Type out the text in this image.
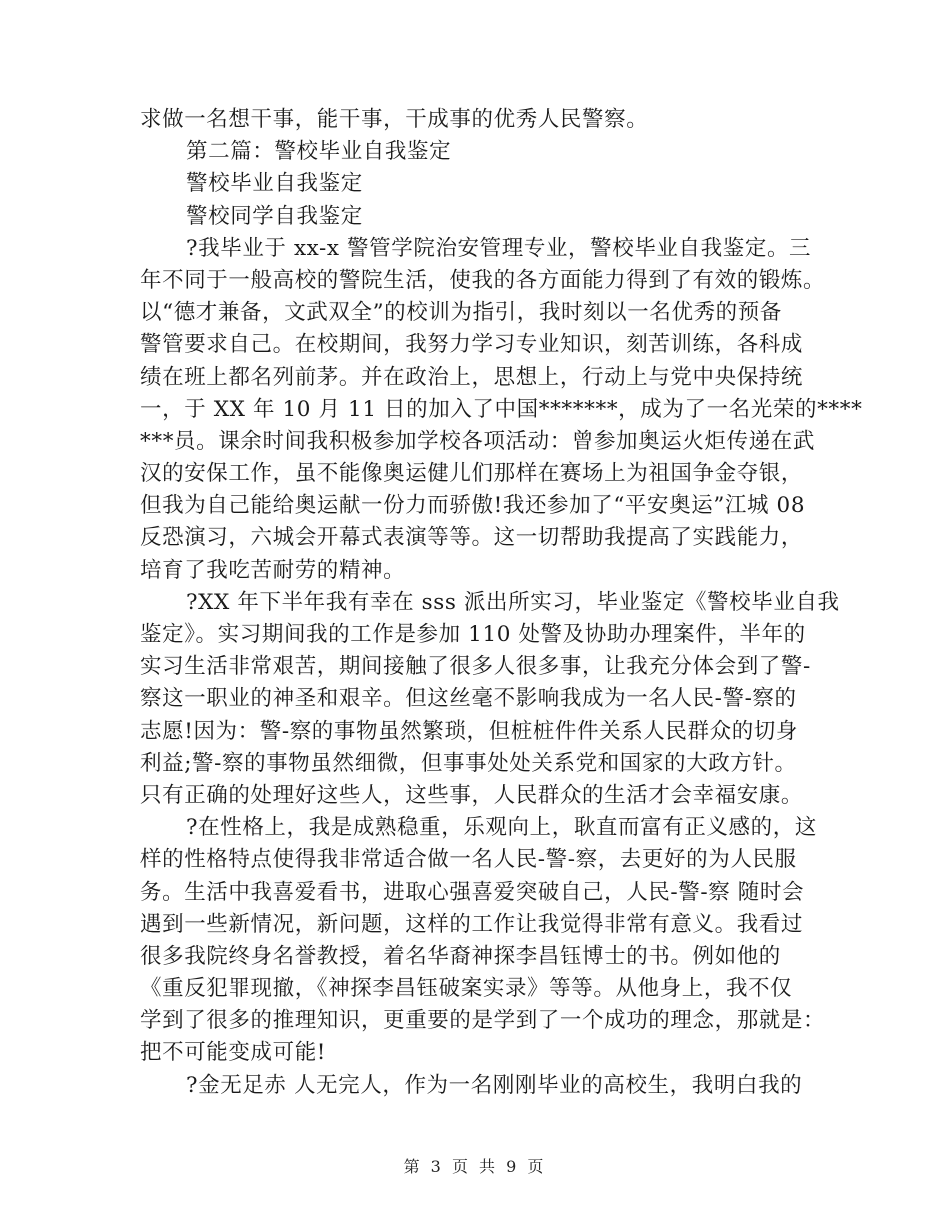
求做一名想干事，能干事，干成事的优秀人民警察。
第二篇：警校毕业自我鉴定
警校毕业自我鉴定
警校同学自我鉴定
?我毕业于 xx-x 警管学院治安管理专业，警校毕业自我鉴定。三
年不同于一般高校的警院生活，使我的各方面能力得到了有效的锻炼。
以“德才兼备，文武双全”的校训为指引，我时刻以一名优秀的预备
警管要求自己。在校期间，我努力学习专业知识，刻苦训练，各科成
绩在班上都名列前茅。并在政治上，思想上，行动上与党中央保持统
一，于 XX 年 10 月 11 日的加入了中国*******，成为了一名光荣的****
***员。课余时间我积极参加学校各项活动：曾参加奥运火炬传递在武
汉的安保工作，虽不能像奥运健儿们那样在赛场上为祖国争金夺银，
但我为自己能给奥运献一份力而骄傲!我还参加了“平安奥运”江城 08
反恐演习，六城会开幕式表演等等。这一切帮助我提高了实践能力，
培育了我吃苦耐劳的精神。
?XX 年下半年我有幸在 sss 派出所实习，毕业鉴定《警校毕业自我
鉴定》。实习期间我的工作是参加 110 处警及协助办理案件，半年的
实习生活非常艰苦，期间接触了很多人很多事，让我充分体会到了警-
察这一职业的神圣和艰辛。但这丝毫不影响我成为一名人民-警-察的
志愿!因为：警-察的事物虽然繁琐，但桩桩件件关系人民群众的切身
利益;警-察的事物虽然细微，但事事处处关系党和国家的大政方针。
只有正确的处理好这些人，这些事，人民群众的生活才会幸福安康。
?在性格上，我是成熟稳重，乐观向上，耿直而富有正义感的，这
样的性格特点使得我非常适合做一名人民-警-察，去更好的为人民服
务。生活中我喜爱看书，进取心强喜爱突破自己，人民-警-察 随时会
遇到一些新情况，新问题，这样的工作让我觉得非常有意义。我看过
很多我院终身名誉教授，着名华裔神探李昌钰博士的书。例如他的
《重反犯罪现撤，《神探李昌钰破案实录》等等。从他身上，我不仅
学到了很多的推理知识，更重要的是学到了一个成功的理念，那就是：
把不可能变成可能!
?金无足赤 人无完人，作为一名刚刚毕业的高校生，我明白我的
第 3 页 共 9 页
